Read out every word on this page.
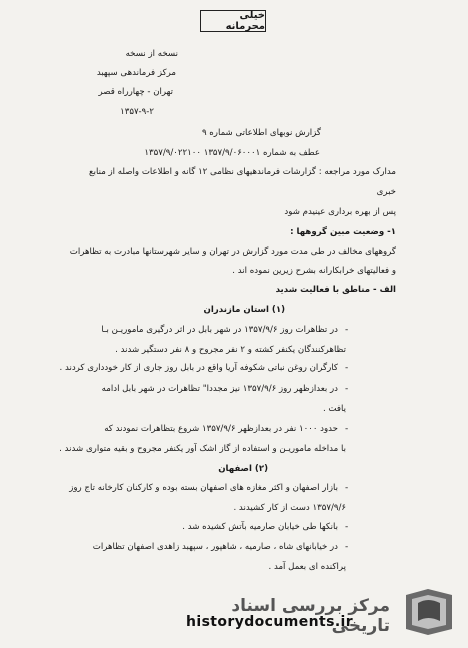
خیلی محرمانه
نسخه از نسخه
مرکز فرماندهی سپهبد
تهران - چهارراه قصر
۱۳۵۷-۹-۲
گزارش نوبهای اطلاعاتی شماره ۹
عطف به شماره ۱۳۵۷/۹/۰۶۰۰۰۱ ۱۳۵۷/۹/۰۲۲۱۰۰
مدارک مورد مراجعه : گزارشات فرماندهیهای نظامی ۱۲ گانه و اطلاعات واصله از منابع
خبری
پس از بهره برداری عینیدم شود
۱- وضعیت مبین گروهها :
گروههای مخالف در طی مدت مورد گزارش در تهران و سایر شهرستانها مبادرت به تظاهرات
و فعالیتهای خرابکارانه بشرح زیرین نموده اند .
الف - مناطق با فعالیت شدید
(۱) استان مازندران
-
در تظاهرات روز ۱۳۵۷/۹/۶ در شهر بابل در اثر درگیری ماموریـن بـا
تظاهرکنندگان یکنفر کشته و ۲ نفر مجروح و ۸ نفر دستگیر شدند .
-
کارگران روغن نباتی شکوفه آریا واقع در بابل روز جاری از کار خودداری کردند .
-
در بعدازظهر روز ۱۳۵۷/۹/۶ نیز مجددا" تظاهرات در شهر بابل ادامه
یافت .
-
حدود ۱۰۰۰ نفر در بعدازظهر ۱۳۵۷/۹/۶ شروع بتظاهرات نمودند که
با مداخله ماموریـن و استفاده از گاز اشک آور یکنفر مجروح و بقیه متواری شدند .
(۲) اصفهان
-
بازار اصفهان و اکثر مغازه های اصفهان بسته بوده و کارکنان کارخانه تاج روز
۱۳۵۷/۹/۶ دست از کار کشیدند .
-
بانکها طی خیابان صارمیه بآتش کشیده شد .
-
در خیابانهای شاه ، صارمیه ، شاهپور ، سپهبد زاهدی اصفهان تظاهرات
پراکنده ای بعمل آمد .
مرکز بررسی اسناد تاریخی
historydocuments.ir
